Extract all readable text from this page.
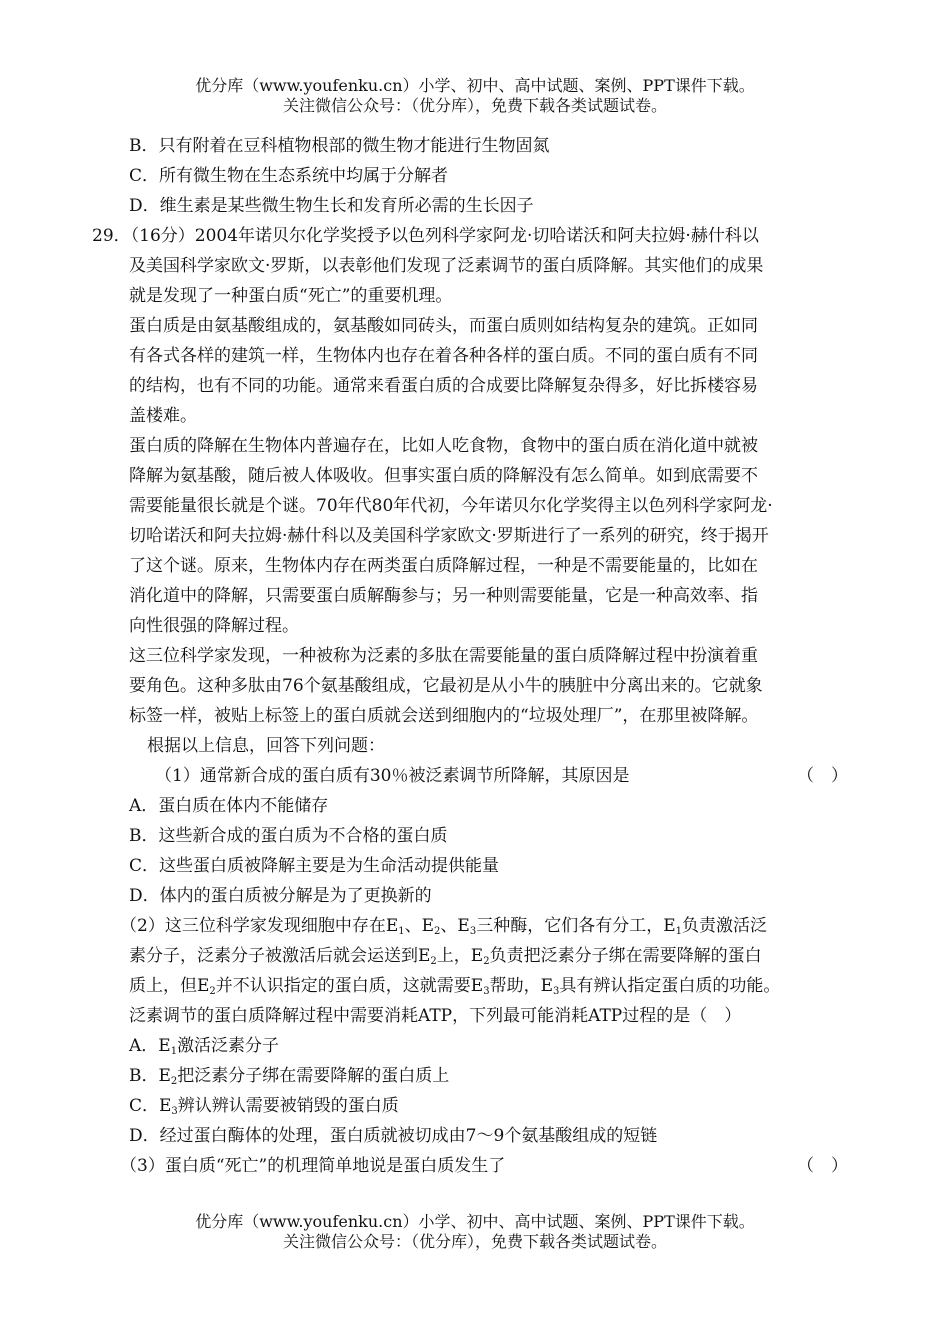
优分库（www.youfenku.cn）小学、初中、高中试题、案例、PPT课件下载。
关注微信公众号：（优分库），免费下载各类试题试卷。
B．只有附着在豆科植物根部的微生物才能进行生物固氮
C．所有微生物在生态系统中均属于分解者
D．维生素是某些微生物生长和发育所必需的生长因子
29．（16分）2004年诺贝尔化学奖授予以色列科学家阿龙·切哈诺沃和阿夫拉姆·赫什科以
及美国科学家欧文·罗斯，以表彰他们发现了泛素调节的蛋白质降解。其实他们的成果
就是发现了一种蛋白质“死亡”的重要机理。
蛋白质是由氨基酸组成的，氨基酸如同砖头，而蛋白质则如结构复杂的建筑。正如同
有各式各样的建筑一样，生物体内也存在着各种各样的蛋白质。不同的蛋白质有不同
的结构，也有不同的功能。通常来看蛋白质的合成要比降解复杂得多，好比拆楼容易
盖楼难。
蛋白质的降解在生物体内普遍存在，比如人吃食物，食物中的蛋白质在消化道中就被
降解为氨基酸，随后被人体吸收。但事实蛋白质的降解没有怎么简单。如到底需要不
需要能量很长就是个谜。70年代80年代初，今年诺贝尔化学奖得主以色列科学家阿龙·
切哈诺沃和阿夫拉姆·赫什科以及美国科学家欧文·罗斯进行了一系列的研究，终于揭开
了这个谜。原来，生物体内存在两类蛋白质降解过程，一种是不需要能量的，比如在
消化道中的降解，只需要蛋白质解酶参与；另一种则需要能量，它是一种高效率、指
向性很强的降解过程。
这三位科学家发现，一种被称为泛素的多肽在需要能量的蛋白质降解过程中扮演着重
要角色。这种多肽由76个氨基酸组成，它最初是从小牛的胰脏中分离出来的。它就象
标签一样，被贴上标签上的蛋白质就会送到细胞内的“垃圾处理厂”，在那里被降解。
根据以上信息，回答下列问题：
（1）通常新合成的蛋白质有30％被泛素调节所降解，其原因是	（　）
A．蛋白质在体内不能储存
B．这些新合成的蛋白质为不合格的蛋白质
C．这些蛋白质被降解主要是为生命活动提供能量
D．体内的蛋白质被分解是为了更换新的
（2）这三位科学家发现细胞中存在$E_1$、$E_2$、$E_3$三种酶，它们各有分工，$E_1$负责激活泛
素分子，泛素分子被激活后就会运送到$E_2$上，$E_2$负责把泛素分子绑在需要降解的蛋白
质上，但$E_2$并不认识指定的蛋白质，这就需要$E_3$帮助，$E_3$具有辨认指定蛋白质的功能。
泛素调节的蛋白质降解过程中需要消耗ATP，下列最可能消耗ATP过程的是（　）
A．$E_1$激活泛素分子
B．$E_2$把泛素分子绑在需要降解的蛋白质上
C．$E_3$辨认辨认需要被销毁的蛋白质
D．经过蛋白酶体的处理，蛋白质就被切成由7～9个氨基酸组成的短链
（3）蛋白质“死亡”的机理简单地说是蛋白质发生了	（　）
优分库（www.youfenku.cn）小学、初中、高中试题、案例、PPT课件下载。
关注微信公众号：（优分库），免费下载各类试题试卷。
